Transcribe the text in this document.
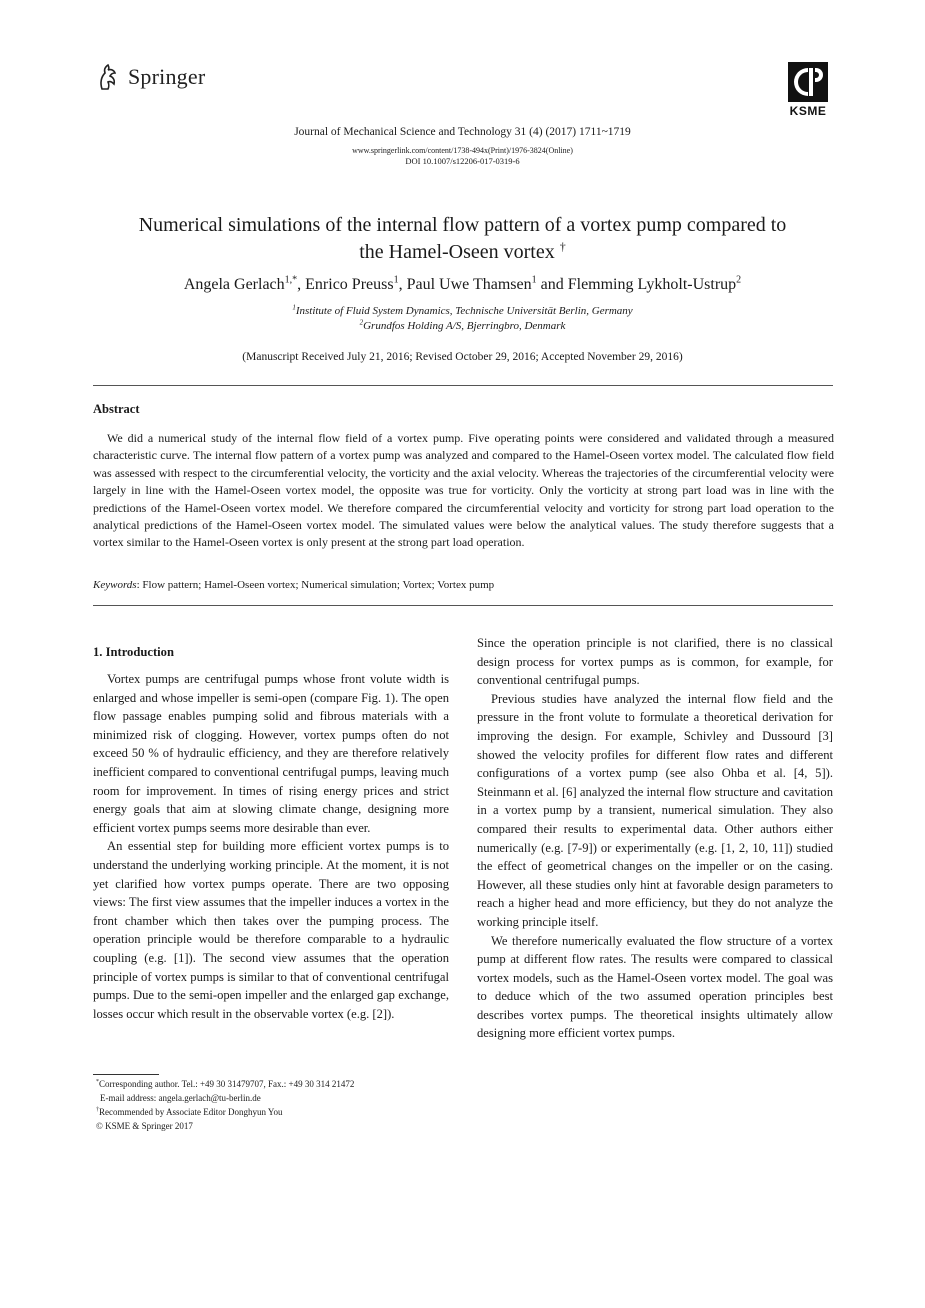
Springer
KSME
Journal of Mechanical Science and Technology 31 (4) (2017) 1711~1719
www.springerlink.com/content/1738-494x(Print)/1976-3824(Online)
DOI 10.1007/s12206-017-0319-6
Numerical simulations of the internal flow pattern of a vortex pump compared to
the Hamel-Oseen vortex †
Angela Gerlach$^{1,*}$, Enrico Preuss$^1$, Paul Uwe Thamsen$^1$ and Flemming Lykholt-Ustrup$^2$
$^1$Institute of Fluid System Dynamics, Technische Universität Berlin, Germany
$^2$Grundfos Holding A/S, Bjerringbro, Denmark
(Manuscript Received July 21, 2016; Revised October 29, 2016; Accepted November 29, 2016)
Abstract
We did a numerical study of the internal flow field of a vortex pump. Five operating points were considered and validated through a measured characteristic curve. The internal flow pattern of a vortex pump was analyzed and compared to the Hamel-Oseen vortex model. The calculated flow field was assessed with respect to the circumferential velocity, the vorticity and the axial velocity. Whereas the trajectories of the circumferential velocity were largely in line with the Hamel-Oseen vortex model, the opposite was true for vorticity. Only the vorticity at strong part load was in line with the predictions of the Hamel-Oseen vortex model. We therefore compared the circumferential velocity and vorticity for strong part load operation to the analytical predictions of the Hamel-Oseen vortex model. The simulated values were below the analytical values. The study therefore suggests that a vortex similar to the Hamel-Oseen vortex is only present at the strong part load operation.
Keywords: Flow pattern; Hamel-Oseen vortex; Numerical simulation; Vortex; Vortex pump
1. Introduction

Vortex pumps are centrifugal pumps whose front volute width is enlarged and whose impeller is semi-open (compare Fig. 1). The open flow passage enables pumping solid and fibrous materials with a minimized risk of clogging. However, vortex pumps often do not exceed 50 % of hydraulic efficiency, and they are therefore relatively inefficient compared to conventional centrifugal pumps, leaving much room for improvement. In times of rising energy prices and strict energy goals that aim at slowing climate change, designing more efficient vortex pumps seems more desirable than ever.

An essential step for building more efficient vortex pumps is to understand the underlying working principle. At the moment, it is not yet clarified how vortex pumps operate. There are two opposing views: The first view assumes that the impeller induces a vortex in the front chamber which then takes over the pumping process. The operation principle would be therefore comparable to a hydraulic coupling (e.g. [1]). The second view assumes that the operation principle of vortex pumps is similar to that of conventional centrifugal pumps. Due to the semi-open impeller and the enlarged gap exchange, losses occur which result in the observable vortex (e.g. [2]).

Since the operation principle is not clarified, there is no classical design process for vortex pumps as is common, for example, for conventional centrifugal pumps.

Previous studies have analyzed the internal flow field and the pressure in the front volute to formulate a theoretical derivation for improving the design. For example, Schivley and Dussourd [3] showed the velocity profiles for different flow rates and different configurations of a vortex pump (see also Ohba et al. [4, 5]). Steinmann et al. [6] analyzed the internal flow structure and cavitation in a vortex pump by a transient, numerical simulation. They also compared their results to experimental data. Other authors either numerically (e.g. [7-9]) or experimentally (e.g. [1, 2, 10, 11]) studied the effect of geometrical changes on the impeller or on the casing. However, all these studies only hint at favorable design parameters to reach a higher head and more efficiency, but they do not analyze the working principle itself.

We therefore numerically evaluated the flow structure of a vortex pump at different flow rates. The results were compared to classical vortex models, such as the Hamel-Oseen vortex model. The goal was to deduce which of the two assumed operation principles best describes vortex pumps. The theoretical insights ultimately allow designing more efficient vortex pumps.

*Corresponding author. Tel.: +49 30 31479707, Fax.: +49 30 314 21472
E-mail address: angela.gerlach@tu-berlin.de
†Recommended by Associate Editor Donghyun You
© KSME & Springer 2017
